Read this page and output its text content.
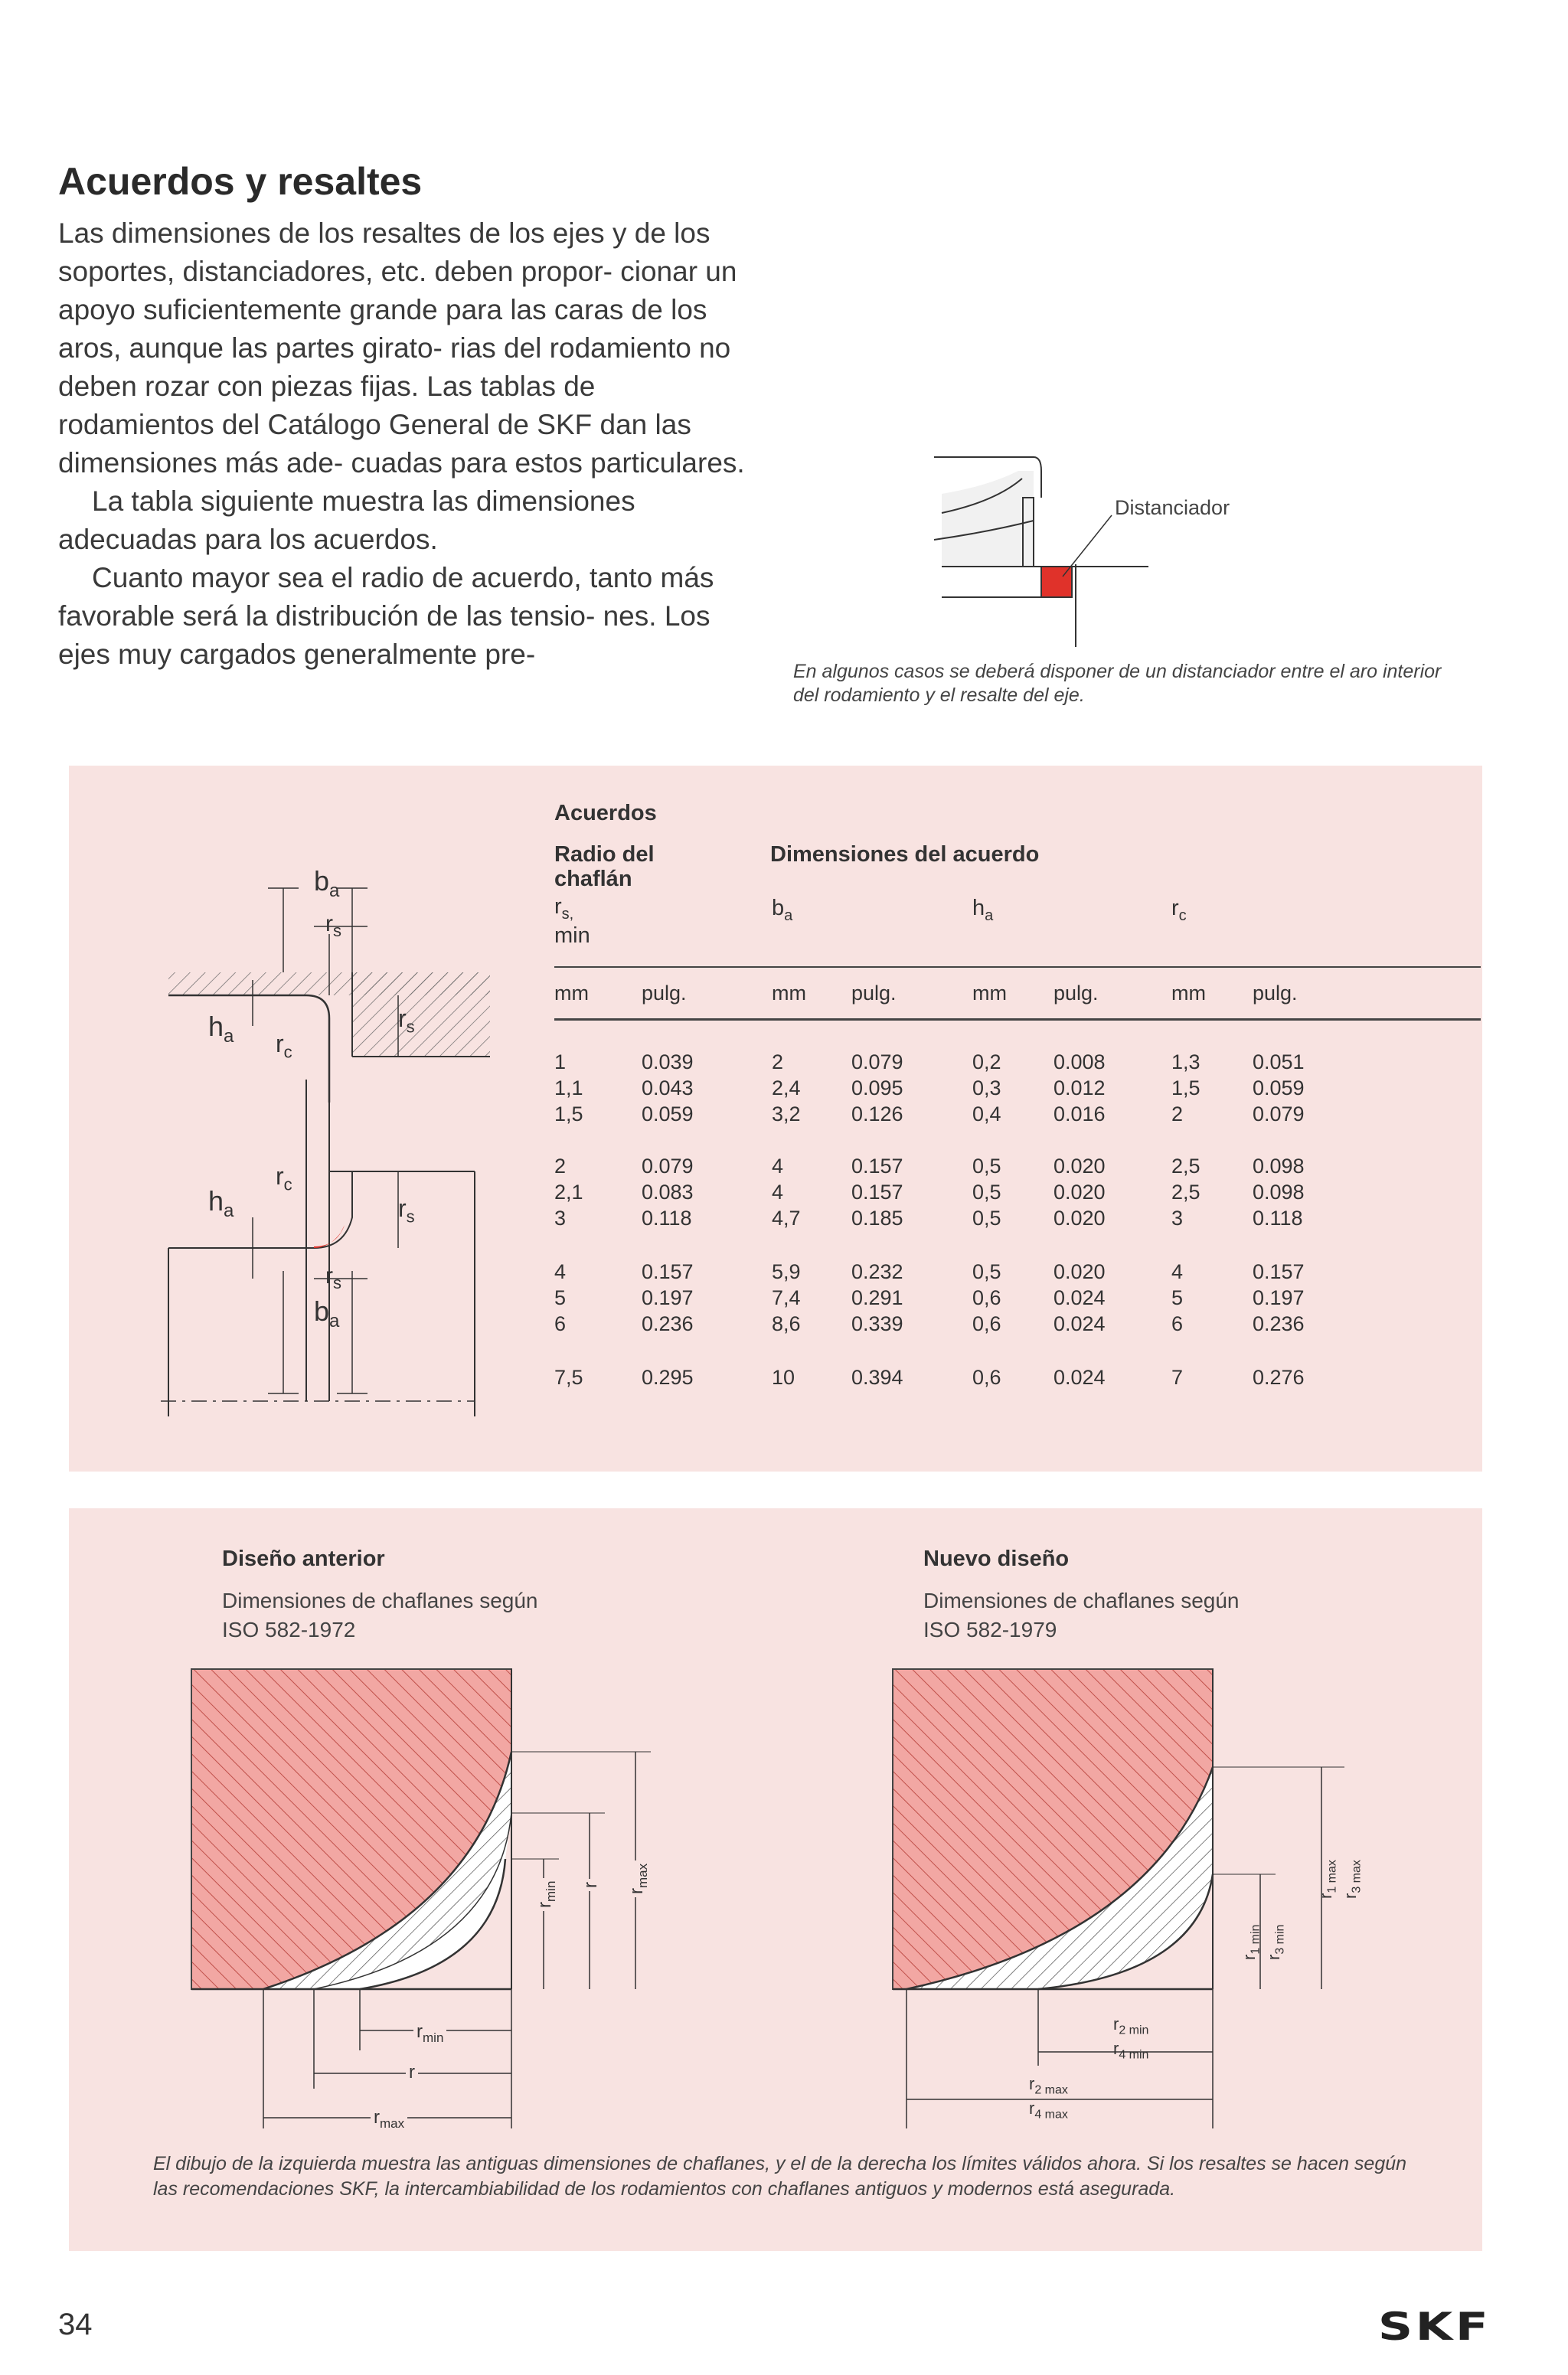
Acuerdos y resaltes

Las dimensiones de los resaltes de los ejes y de los soportes, distanciadores, etc. deben propor- cionar un apoyo suficientemente grande para las caras de los aros, aunque las partes girato- rias del rodamiento no deben rozar con piezas fijas. Las tablas de rodamientos del Catálogo General de SKF dan las dimensiones más ade- cuadas para estos particulares.

La tabla siguiente muestra las dimensiones adecuadas para los acuerdos.

Cuanto mayor sea el radio de acuerdo, tanto más favorable será la distribución de las tensio- nes. Los ejes muy cargados generalmente pre-

Distanciador
En algunos casos se deberá disponer de un distanciador entre el aro interior del rodamiento y el resalte del eje.
$b_a$
$r_s$
$h_a$ $r_c$
$r_s$
$r_c$
$h_a$	$r_s$
$r_s$
$b_a$
Acuerdos
Radio del chaflán
Dimensiones del acuerdo
$r_{s,}$
min
$b_a$	$h_a$	$r_c$
mm	pulg.	mm pulg.	mm pulg.	mm pulg.
1	0.039	2	0.079	0,2	0.008	1,3	0.051
1,1	0.043	2,4 0.095	0,3	0.012	1,5	0.059
1,5	0.059	3,2 0.126	0,4	0.016	2	0.079
2	0.079	4	0.157	0,5	0.020	2,5	0.098
2,1	0.083	4	0.157	0,5	0.020	2,5	0.098
3	0.118	4,7 0.185	0,5	0.020	3	0.118
4	0.157	5,9 0.232	0,5	0.020	4	0.157
5	0.197	7,4 0.291	0,6	0.024	5	0.197
6	0.236	8,6 0.339	0,6	0.024	6	0.236
7,5	0.295	10	0.394	0,6	0.024	7	0.276
Diseño anterior
Dimensiones de chaflanes según ISO 582-1972
Nuevo diseño
Dimensiones de chaflanes según ISO 582-1979
$r_{min}$
r
$r_{max}$
$r_{min}$ r
$r_{max}$
$r_{2 min}$
$r_{4 min}$
$r_{2 max}$
$r_{4 max}$
$r_{1 min}$
$r_{3 min}$
$r_{1 max}$
$r_{3 max}$
El dibujo de la izquierda muestra las antiguas dimensiones de chaflanes, y el de la derecha los límites válidos ahora. Si los resaltes se hacen según las recomendaciones SKF, la intercambiabilidad de los rodamientos con chaflanes antiguos y modernos está asegurada.
34	SKF
